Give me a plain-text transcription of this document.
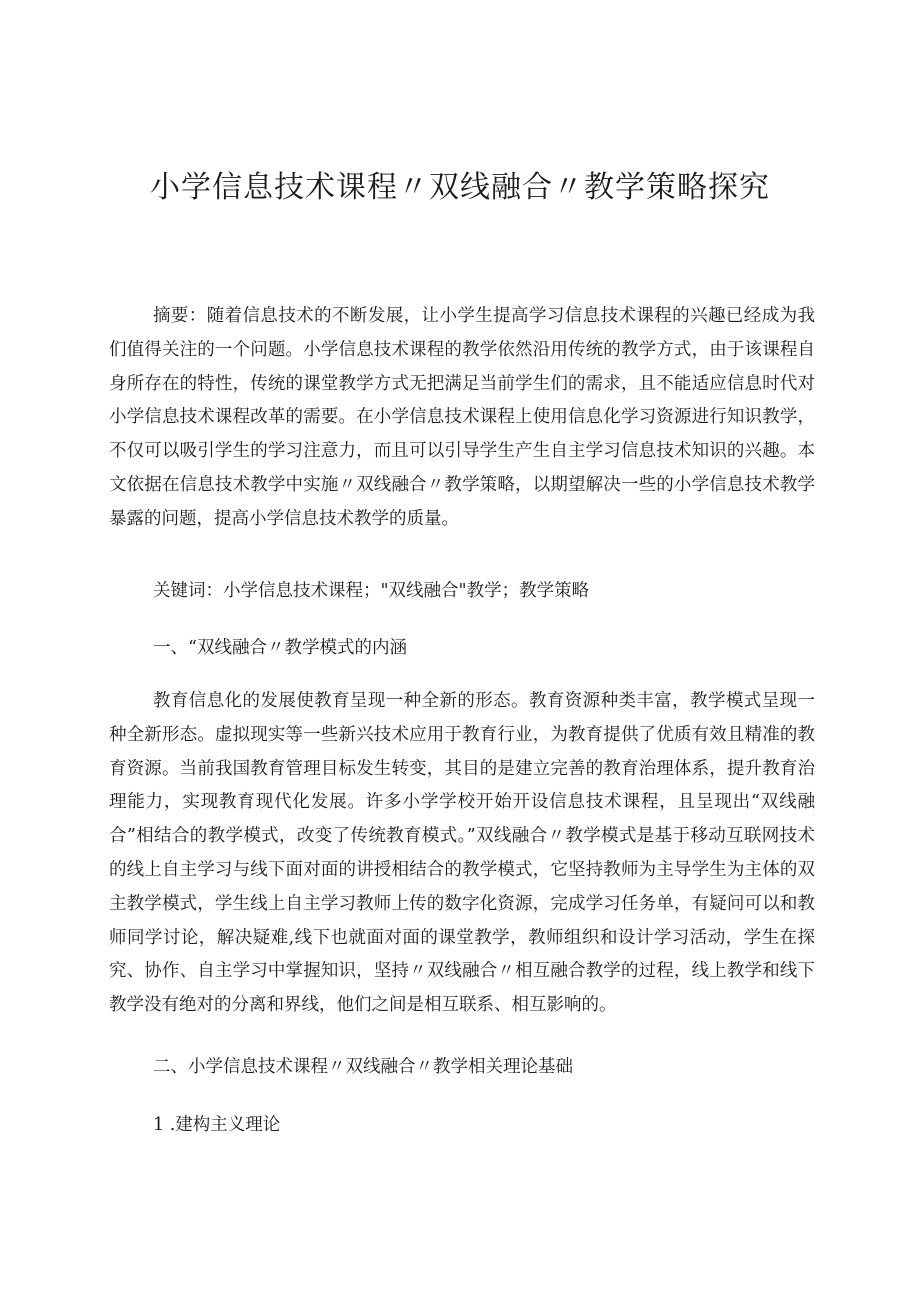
小学信息技术课程〃双线融合〃教学策略探究

摘要：随着信息技术的不断发展，让小学生提高学习信息技术课程的兴趣已经成为我们值得关注的一个问题。小学信息技术课程的教学依然沿用传统的教学方式，由于该课程自身所存在的特性，传统的课堂教学方式无把满足当前学生们的需求，且不能适应信息时代对小学信息技术课程改革的需要。在小学信息技术课程上使用信息化学习资源进行知识教学，不仅可以吸引学生的学习注意力，而且可以引导学生产生自主学习信息技术知识的兴趣。本文依据在信息技术教学中实施〃双线融合〃教学策略，以期望解决一些的小学信息技术教学暴露的问题，提高小学信息技术教学的质量。

关键词：小学信息技术课程；"双线融合"教学；教学策略

一、“双线融合〃教学模式的内涵

教育信息化的发展使教育呈现一种全新的形态。教育资源种类丰富，教学模式呈现一种全新形态。虚拟现实等一些新兴技术应用于教育行业，为教育提供了优质有效且精准的教育资源。当前我国教育管理目标发生转变，其目的是建立完善的教育治理体系，提升教育治理能力，实现教育现代化发展。许多小学学校开始开设信息技术课程，且呈现出“双线融合”相结合的教学模式，改变了传统教育模式。”双线融合〃教学模式是基于移动互联网技术的线上自主学习与线下面对面的讲授相结合的教学模式，它坚持教师为主导学生为主体的双主教学模式，学生线上自主学习教师上传的数字化资源，完成学习任务单，有疑问可以和教师同学讨论，解决疑难,线下也就面对面的课堂教学，教师组织和设计学习活动，学生在探究、协作、自主学习中掌握知识，坚持〃双线融合〃相互融合教学的过程，线上教学和线下教学没有绝对的分离和界线，他们之间是相互联系、相互影响的。

二、小学信息技术课程〃双线融合〃教学相关理论基础

1 .建构主义理论
